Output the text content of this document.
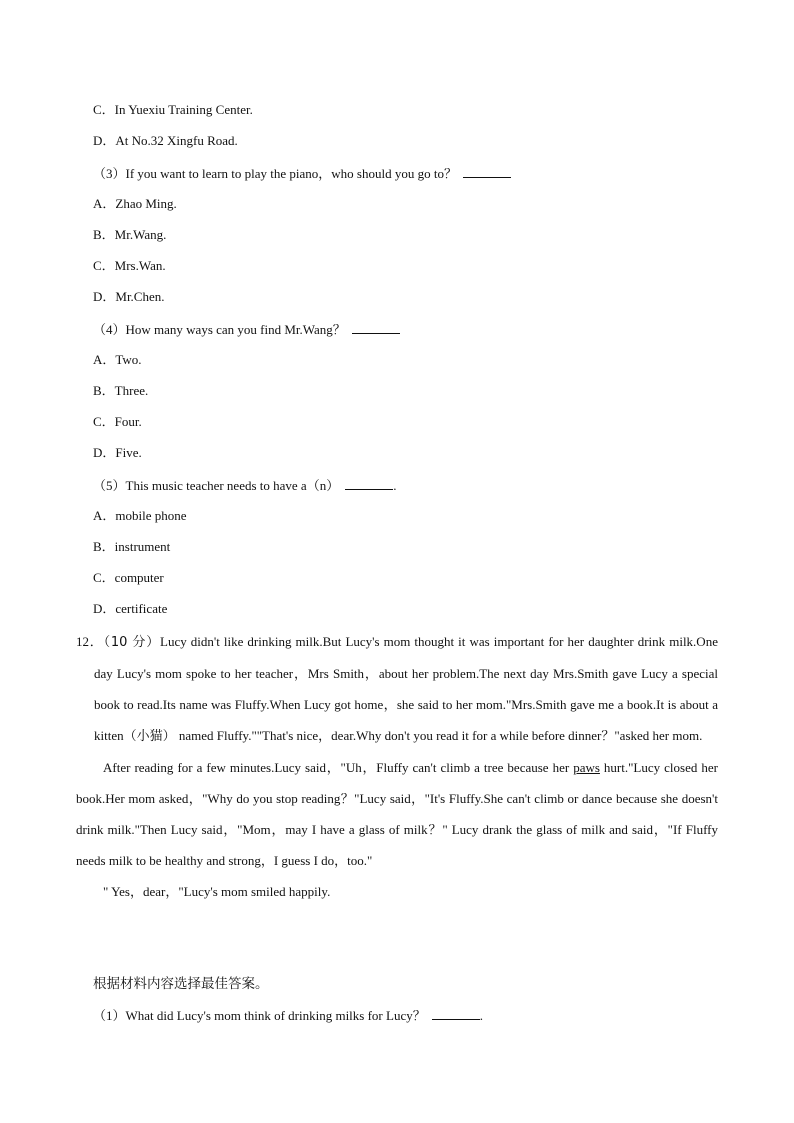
C．In Yuexiu Training Center.
D．At No.32 Xingfu Road.
（3）If you want to learn to play the piano，who should you go to？
A．Zhao Ming.
B．Mr.Wang.
C．Mrs.Wan.
D．Mr.Chen.
（4）How many ways can you find Mr.Wang？
A．Two.
B．Three.
C．Four.
D．Five.
（5）This music teacher needs to have a（n）	.
A．mobile phone
B．instrument
C．computer
D．certificate
12．（10 分）Lucy didn't like drinking milk.But Lucy's mom thought it was important for her daughter drink milk.One day Lucy's mom spoke to her teacher，Mrs Smith，about her problem.The next day Mrs.Smith gave Lucy a special book to read.Its name was Fluffy.When Lucy got home，she said to her mom."Mrs.Smith gave me a book.It is about a kitten（小猫） named Fluffy.""That's nice，dear.Why don't you read it for a while before dinner？"asked her mom.
After reading for a few minutes.Lucy said，"Uh，Fluffy can't climb a tree because her paws hurt."Lucy closed her book.Her mom asked，"Why do you stop reading？"Lucy said，"It's Fluffy.She can't climb or dance because she doesn't drink milk."Then Lucy said，"Mom，may I have a glass of milk？" Lucy drank the glass of milk and said，"If Fluffy needs milk to be healthy and strong，I guess I do，too."
" Yes，dear，"Lucy's mom smiled happily.
根据材料内容选择最佳答案。
（1）What did Lucy's mom think of drinking milks for Lucy？	.
